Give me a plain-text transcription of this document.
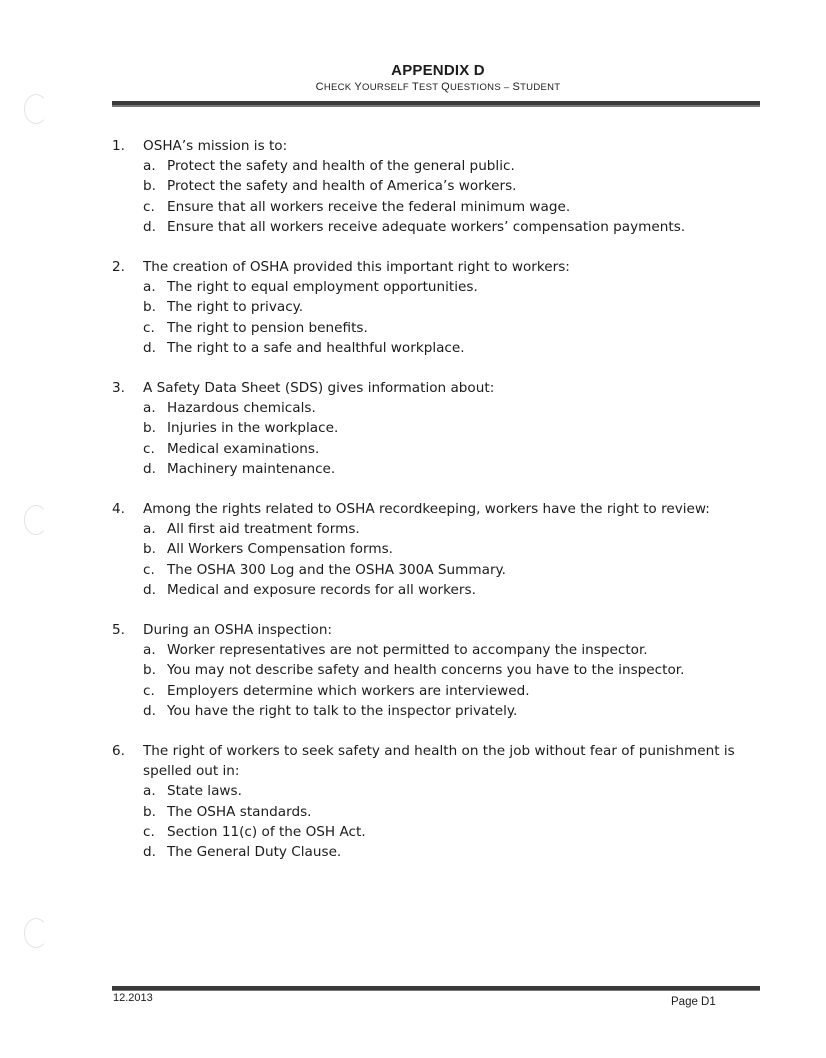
APPENDIX D
CHECK YOURSELF TEST QUESTIONS – STUDENT
1. OSHA’s mission is to:
a. Protect the safety and health of the general public.
b. Protect the safety and health of America’s workers.
c. Ensure that all workers receive the federal minimum wage.
d. Ensure that all workers receive adequate workers’ compensation payments.
2. The creation of OSHA provided this important right to workers:
a. The right to equal employment opportunities.
b. The right to privacy.
c. The right to pension benefits.
d. The right to a safe and healthful workplace.
3. A Safety Data Sheet (SDS) gives information about:
a. Hazardous chemicals.
b. Injuries in the workplace.
c. Medical examinations.
d. Machinery maintenance.
4. Among the rights related to OSHA recordkeeping, workers have the right to review:
a. All first aid treatment forms.
b. All Workers Compensation forms.
c. The OSHA 300 Log and the OSHA 300A Summary.
d. Medical and exposure records for all workers.
5. During an OSHA inspection:
a. Worker representatives are not permitted to accompany the inspector.
b. You may not describe safety and health concerns you have to the inspector.
c. Employers determine which workers are interviewed.
d. You have the right to talk to the inspector privately.
6. The right of workers to seek safety and health on the job without fear of punishment is spelled out in:
a. State laws.
b. The OSHA standards.
c. Section 11(c) of the OSH Act.
d. The General Duty Clause.
12.2013	Page D1
